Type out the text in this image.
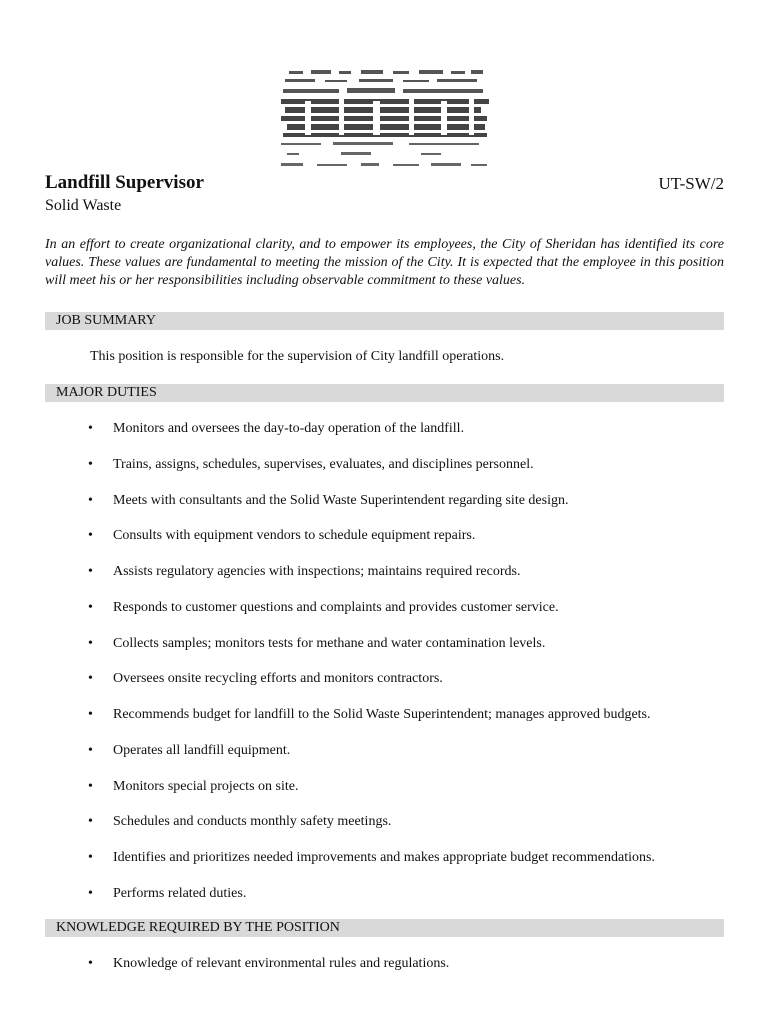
Landfill Supervisor	UT-SW/2
Solid Waste
In an effort to create organizational clarity, and to empower its employees, the City of Sheridan has identified its core values. These values are fundamental to meeting the mission of the City. It is expected that the employee in this position will meet his or her responsibilities including observable commitment to these values.
JOB SUMMARY
This position is responsible for the supervision of City landfill operations.
MAJOR DUTIES
• Monitors and oversees the day-to-day operation of the landfill.
• Trains, assigns, schedules, supervises, evaluates, and disciplines personnel.
• Meets with consultants and the Solid Waste Superintendent regarding site design.
• Consults with equipment vendors to schedule equipment repairs.
• Assists regulatory agencies with inspections; maintains required records.
• Responds to customer questions and complaints and provides customer service.
• Collects samples; monitors tests for methane and water contamination levels.
• Oversees onsite recycling efforts and monitors contractors.
• Recommends budget for landfill to the Solid Waste Superintendent; manages approved budgets.
• Operates all landfill equipment.
• Monitors special projects on site.
• Schedules and conducts monthly safety meetings.
• Identifies and prioritizes needed improvements and makes appropriate budget recommendations.
• Performs related duties.
KNOWLEDGE REQUIRED BY THE POSITION
• Knowledge of relevant environmental rules and regulations.
